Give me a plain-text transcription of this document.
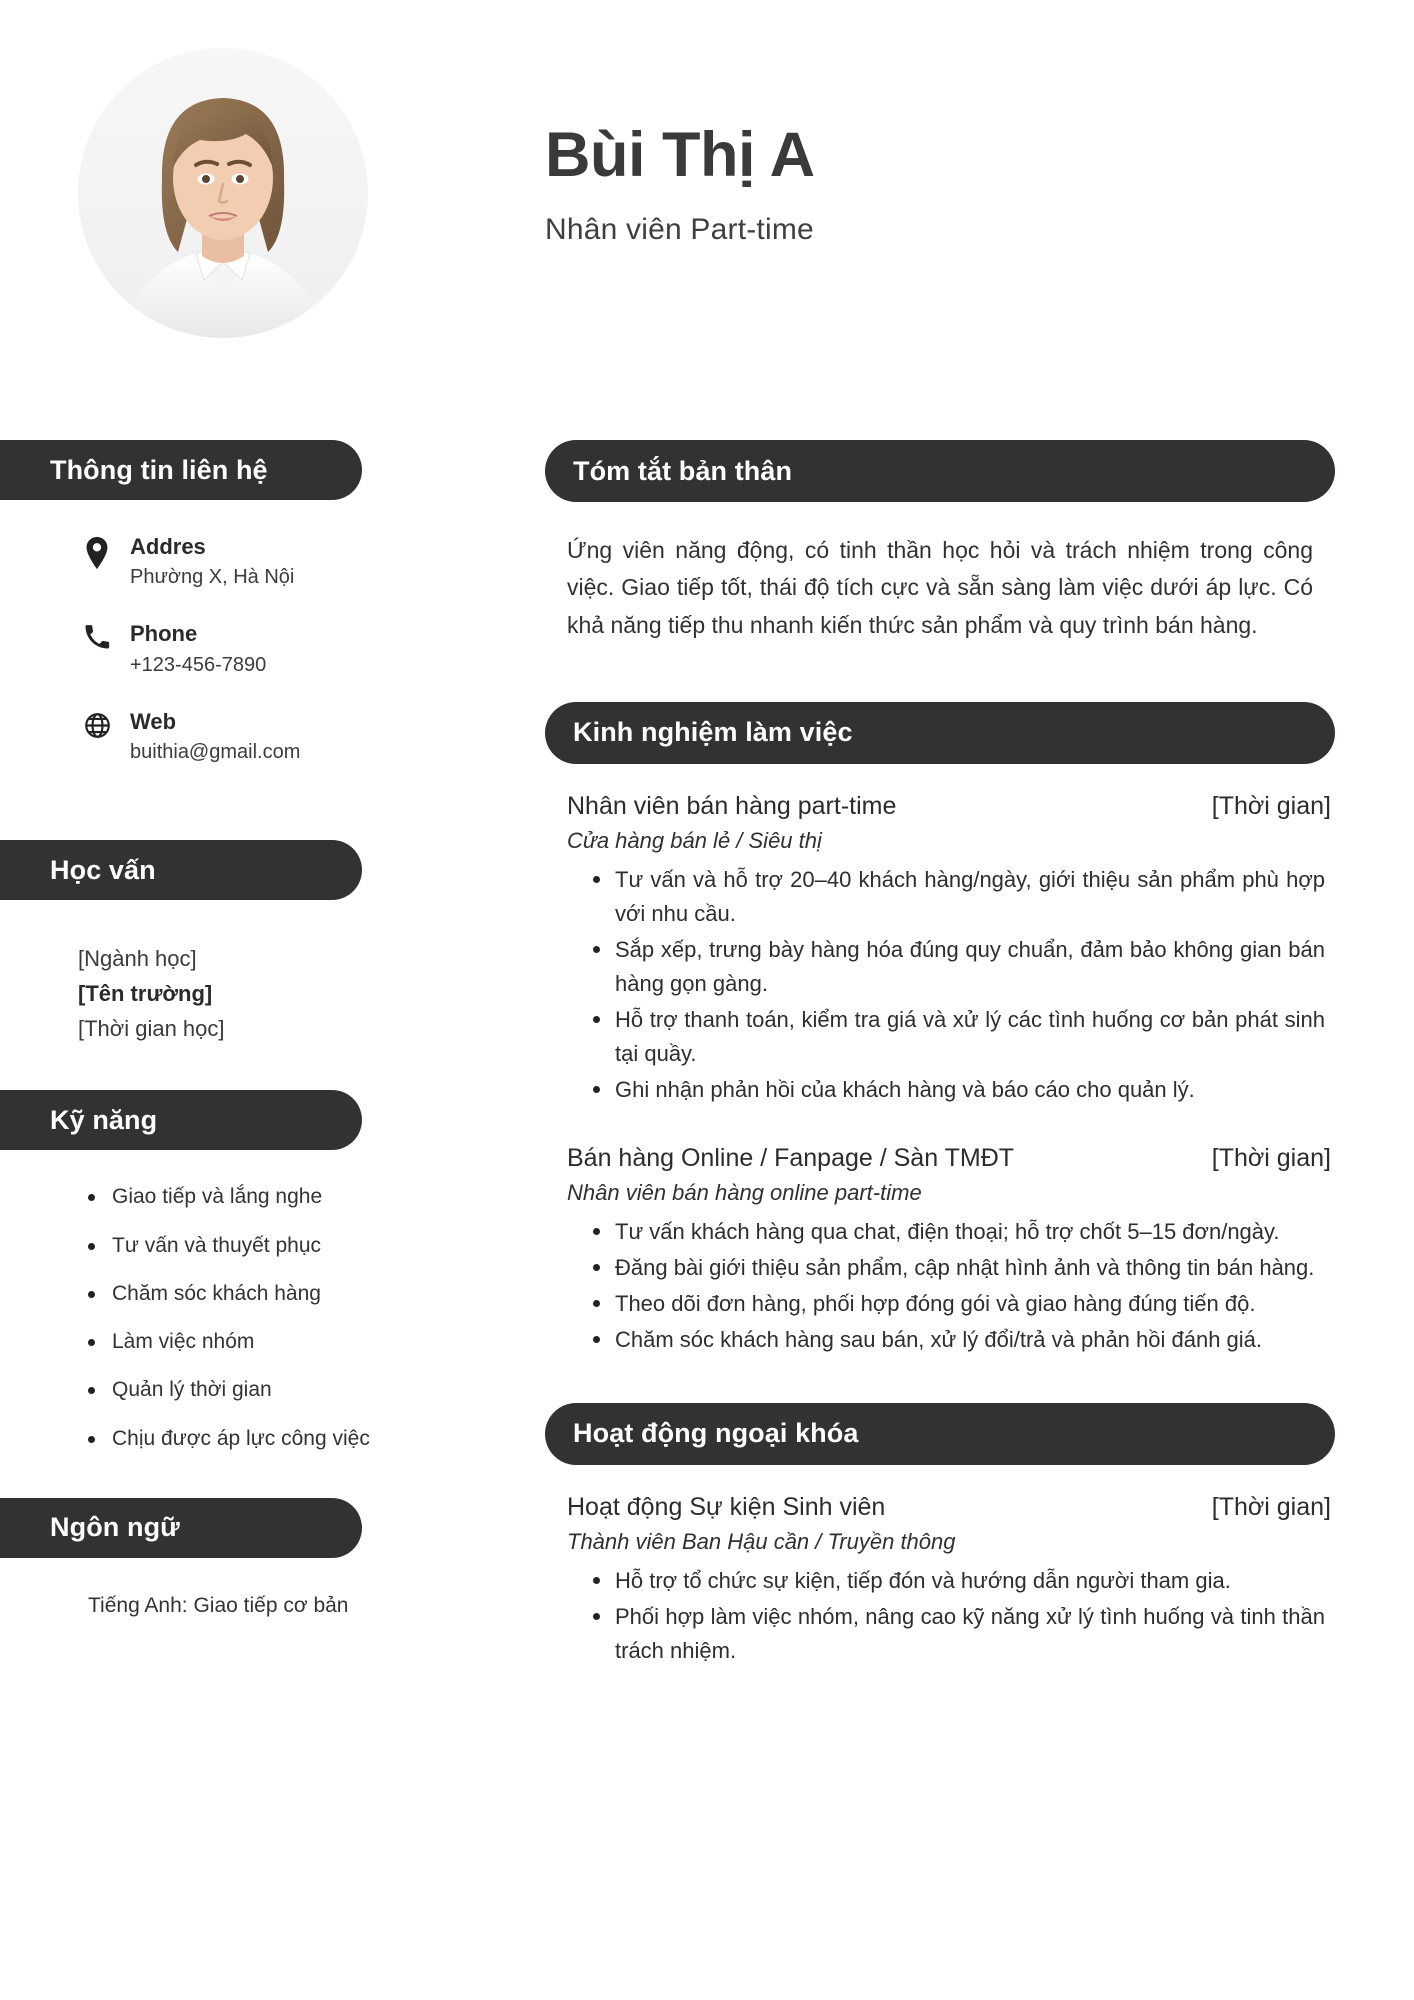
Bùi Thị A
Nhân viên Part-time
Thông tin liên hệ
Addres
Phường X, Hà Nội
Phone
+123-456-7890
Web
buithia@gmail.com
Học vấn
[Ngành học]
[Tên trường]
[Thời gian học]
Kỹ năng
Giao tiếp và lắng nghe
Tư vấn và thuyết phục
Chăm sóc khách hàng
Làm việc nhóm
Quản lý thời gian
Chịu được áp lực công việc
Ngôn ngữ
Tiếng Anh: Giao tiếp cơ bản
Tóm tắt bản thân
Ứng viên năng động, có tinh thần học hỏi và trách nhiệm trong công việc. Giao tiếp tốt, thái độ tích cực và sẵn sàng làm việc dưới áp lực. Có khả năng tiếp thu nhanh kiến thức sản phẩm và quy trình bán hàng.
Kinh nghiệm làm việc
Nhân viên bán hàng part-time	[Thời gian]
Cửa hàng bán lẻ / Siêu thị
Tư vấn và hỗ trợ 20–40 khách hàng/ngày, giới thiệu sản phẩm phù hợp với nhu cầu.
Sắp xếp, trưng bày hàng hóa đúng quy chuẩn, đảm bảo không gian bán hàng gọn gàng.
Hỗ trợ thanh toán, kiểm tra giá và xử lý các tình huống cơ bản phát sinh tại quầy.
Ghi nhận phản hồi của khách hàng và báo cáo cho quản lý.
Bán hàng Online / Fanpage / Sàn TMĐT	[Thời gian]
Nhân viên bán hàng online part-time
Tư vấn khách hàng qua chat, điện thoại; hỗ trợ chốt 5–15 đơn/ngày.
Đăng bài giới thiệu sản phẩm, cập nhật hình ảnh và thông tin bán hàng.
Theo dõi đơn hàng, phối hợp đóng gói và giao hàng đúng tiến độ.
Chăm sóc khách hàng sau bán, xử lý đổi/trả và phản hồi đánh giá.
Hoạt động ngoại khóa
Hoạt động Sự kiện Sinh viên	[Thời gian]
Thành viên Ban Hậu cần / Truyền thông
Hỗ trợ tổ chức sự kiện, tiếp đón và hướng dẫn người tham gia.
Phối hợp làm việc nhóm, nâng cao kỹ năng xử lý tình huống và tinh thần trách nhiệm.
